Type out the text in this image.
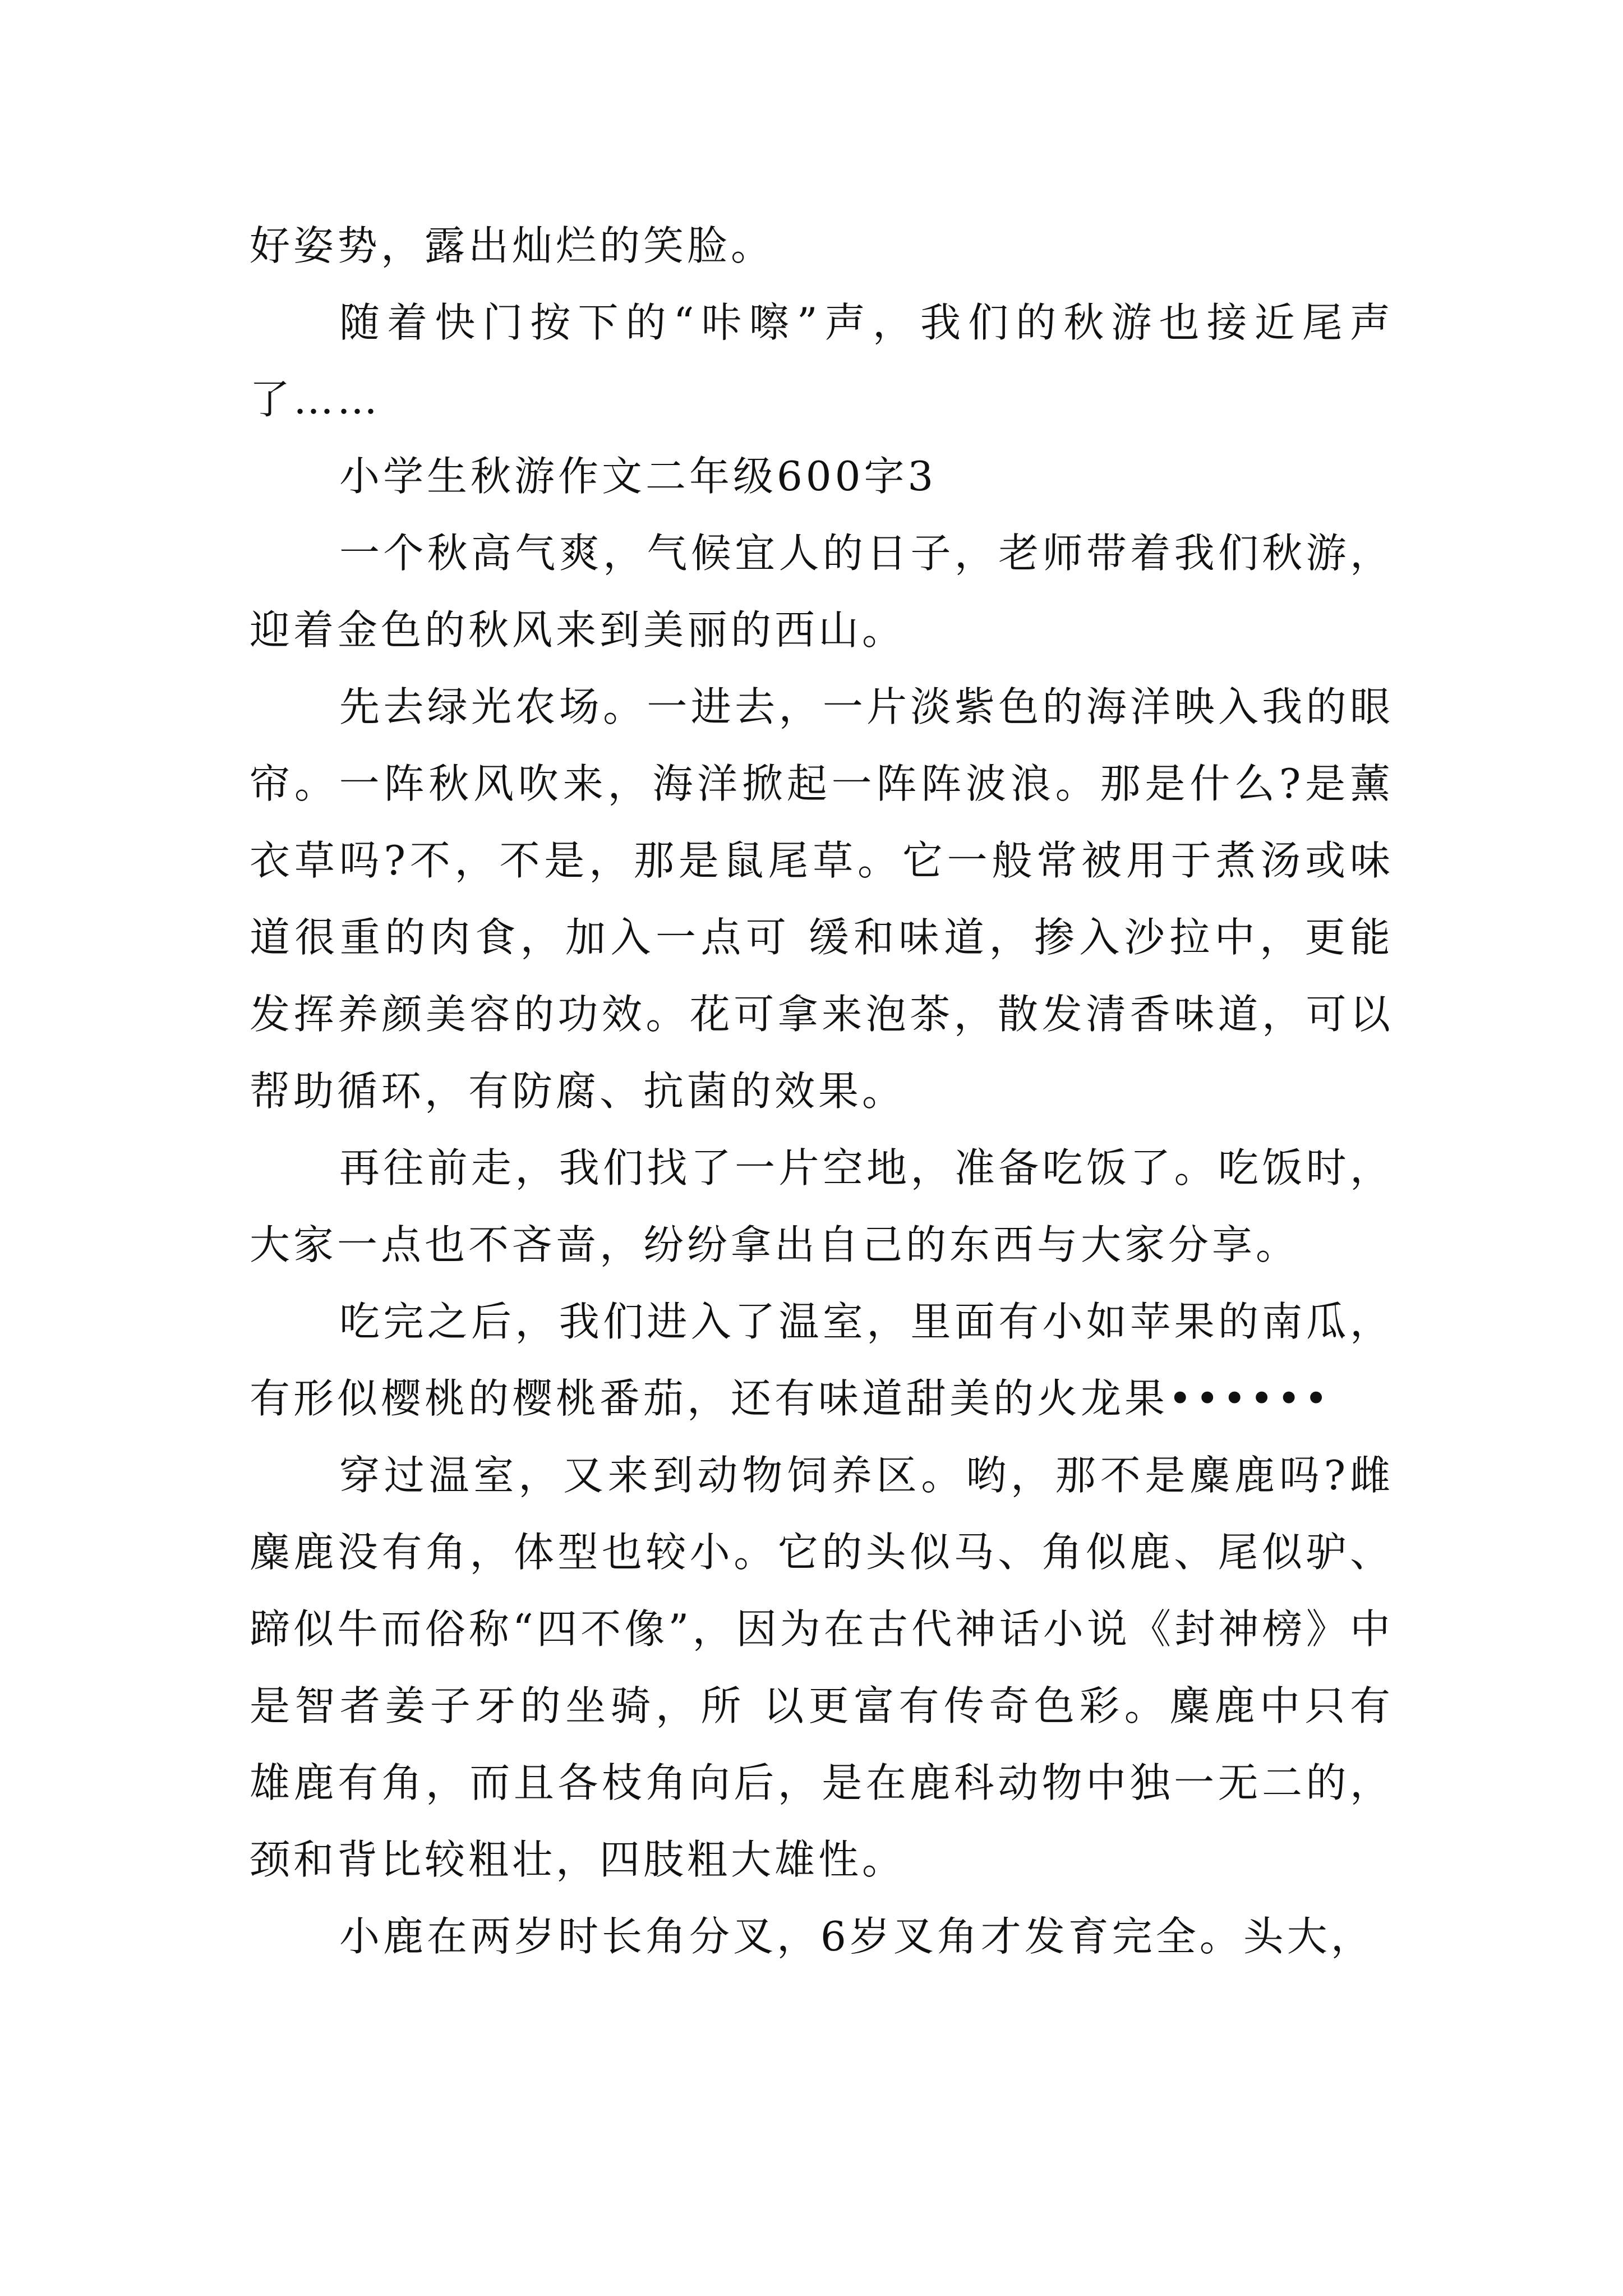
好姿势，露出灿烂的笑脸。

随着快门按下的“咔嚓”声，我们的秋游也接近尾声了……

小学生秋游作文二年级600字3

一个秋高气爽，气候宜人的日子，老师带着我们秋游，迎着金色的秋风来到美丽的西山。

先去绿光农场。一进去，一片淡紫色的海洋映入我的眼帘。一阵秋风吹来，海洋掀起一阵阵波浪。那是什么?是薰衣草吗?不，不是，那是鼠尾草。它一般常被用于煮汤或味道很重的肉食，加入一点可 缓和味道，掺入沙拉中，更能发挥养颜美容的功效。花可拿来泡茶，散发清香味道，可以帮助循环，有防腐、抗菌的效果。

再往前走，我们找了一片空地，准备吃饭了。吃饭时，大家一点也不吝啬，纷纷拿出自己的东西与大家分享。

吃完之后，我们进入了温室，里面有小如苹果的南瓜，有形似樱桃的樱桃番茄，还有味道甜美的火龙果••••••

穿过温室，又来到动物饲养区。哟，那不是麋鹿吗?雌麋鹿没有角，体型也较小。它的头似马、角似鹿、尾似驴、蹄似牛而俗称“四不像”，因为在古代神话小说《封神榜》中是智者姜子牙的坐骑，所 以更富有传奇色彩。麋鹿中只有雄鹿有角，而且各枝角向后，是在鹿科动物中独一无二的，颈和背比较粗壮，四肢粗大雄性。

小鹿在两岁时长角分叉，6岁叉角才发育完全。头大，
